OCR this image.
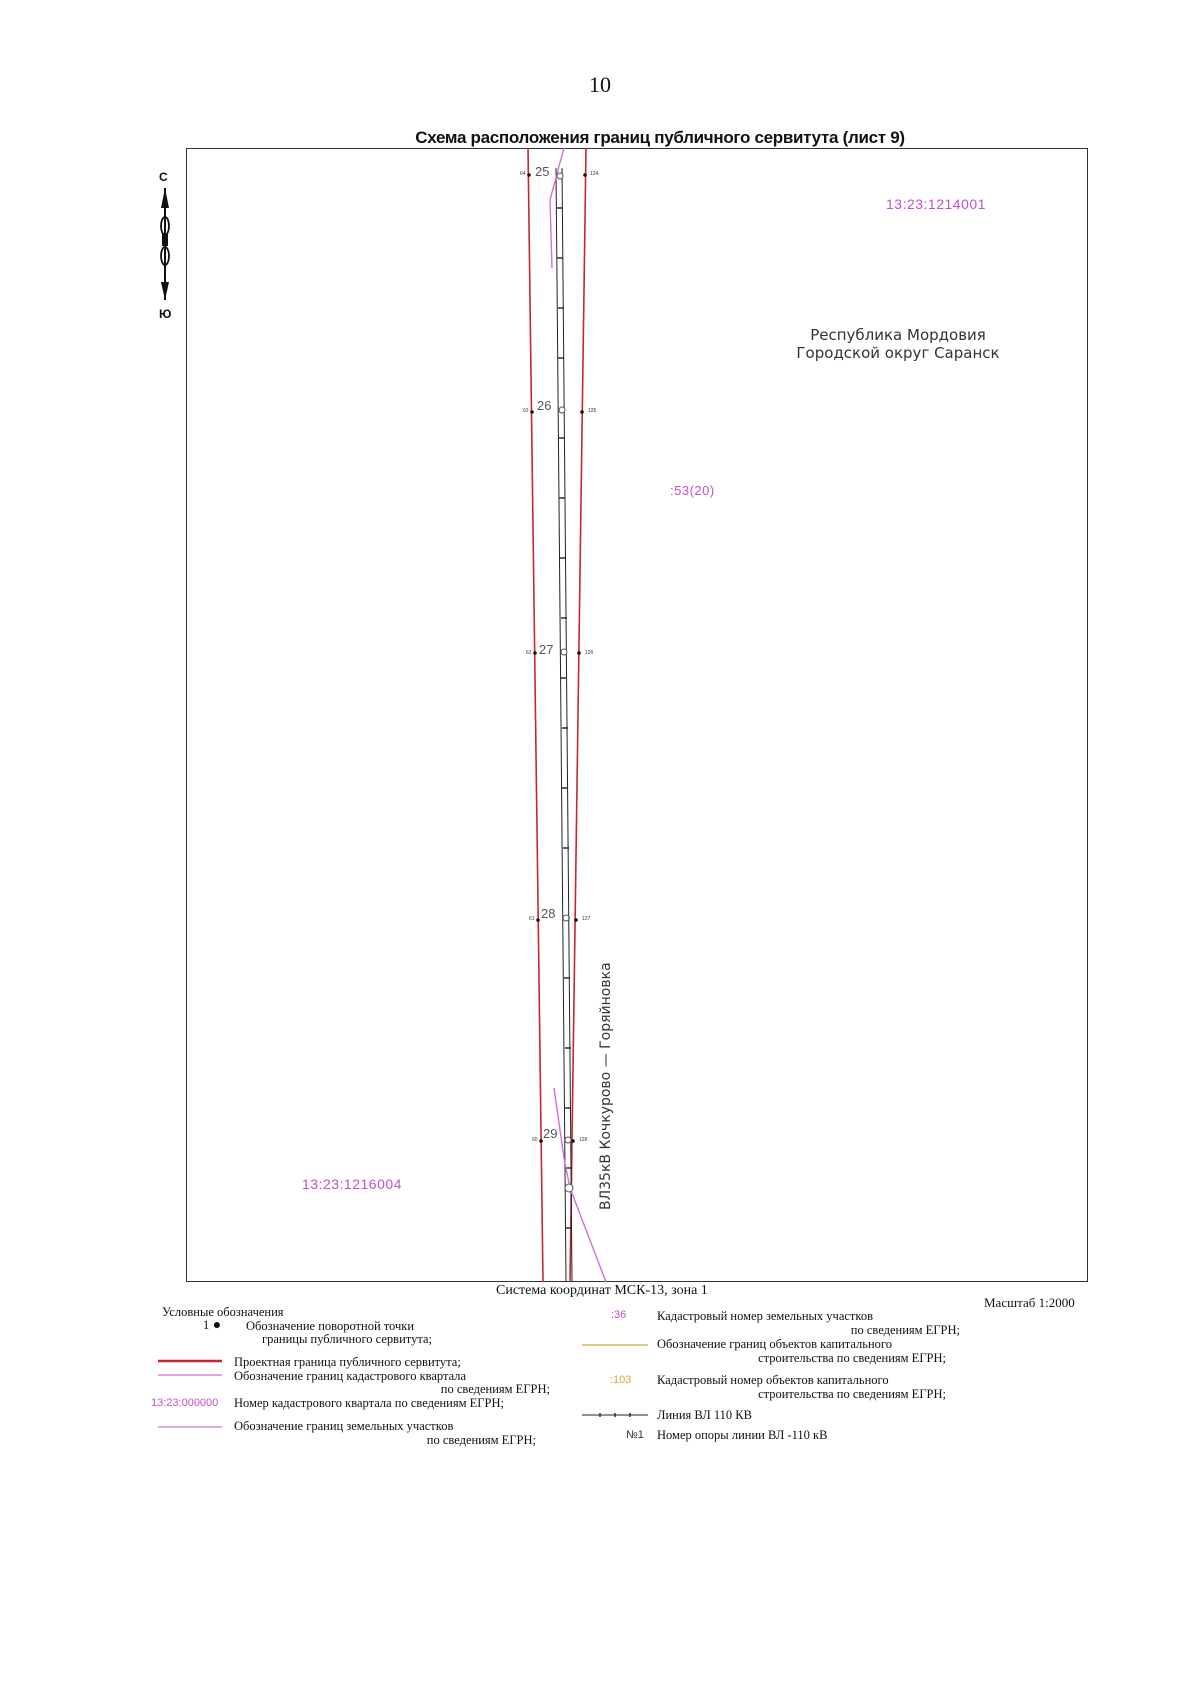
10
Схема расположения границ публичного сервитута (лист 9)
С
Ю
64	124
63	125
62	126
61	127
60	128
25
26
27
28
29
13:23:1214001
13:23:1216004
:53(20)
Республика Мордовия
Городской округ Саранск
ВЛ35кВ Кочкурово — Горяйновка
Система координат МСК-13, зона 1
Масштаб 1:2000
Условные обозначения
1 ● Обозначение поворотной точки
границы публичного сервитута;
Проектная граница публичного сервитута;
Обозначение границ кадастрового квартала
по сведениям ЕГРН;
13:23:000000 Номер кадастрового квартала по сведениям ЕГРН;
Обозначение границ земельных участков
по сведениям ЕГРН;
:36 Кадастровый номер земельных участков
по сведениям ЕГРН;
Обозначение границ объектов капитального
строительства по сведениям ЕГРН;
:103 Кадастровый номер объектов капитального
строительства по сведениям ЕГРН;
Линия ВЛ 110 КВ
№1 Номер опоры линии ВЛ -110 кВ
